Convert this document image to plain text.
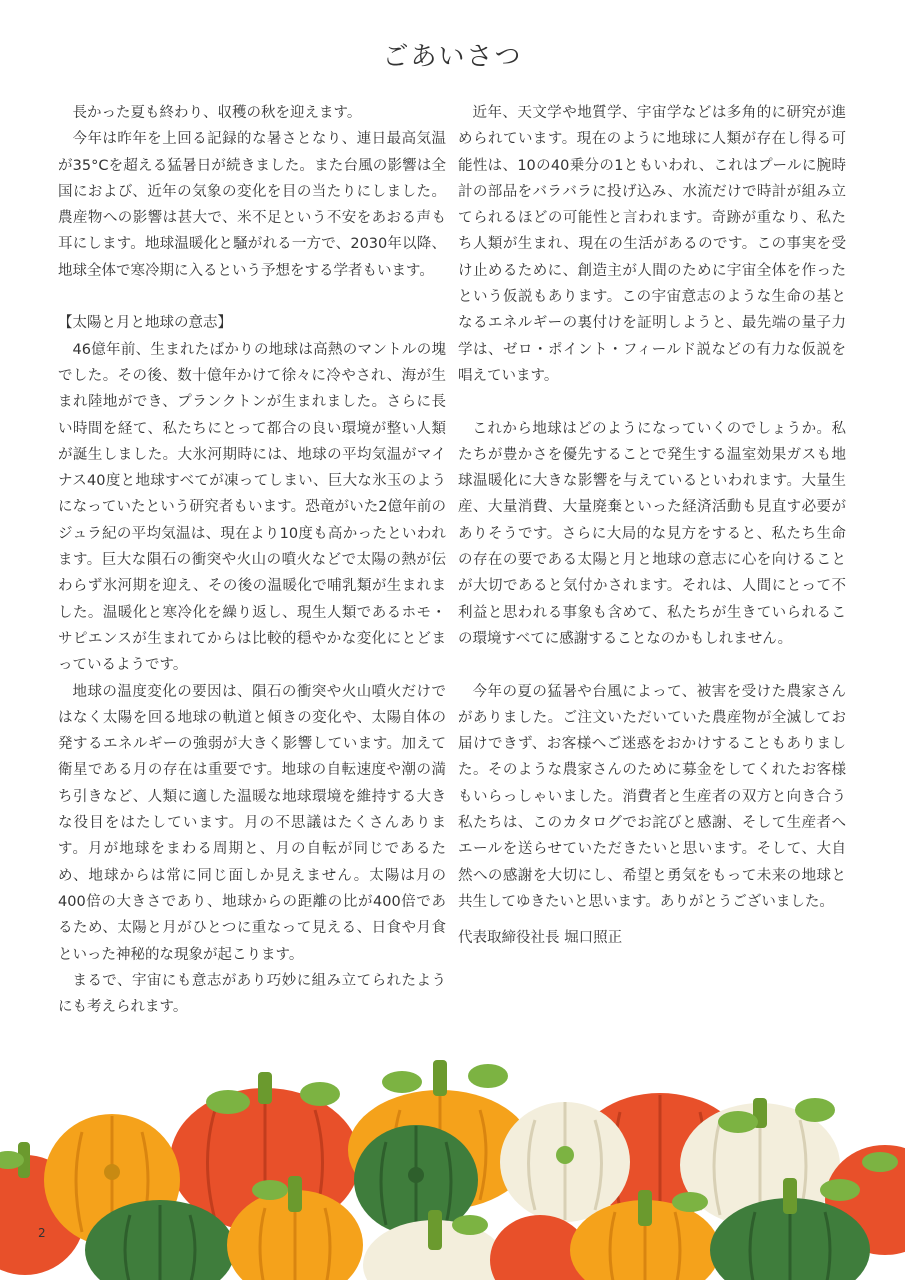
ごあいさつ

長かった夏も終わり、収穫の秋を迎えます。

今年は昨年を上回る記録的な暑さとなり、連日最高気温が35°Cを超える猛暑日が続きました。また台風の影響は全国におよび、近年の気象の変化を目の当たりにしました。農産物への影響は甚大で、米不足という不安をあおる声も耳にします。地球温暖化と騒がれる一方で、2030年以降、地球全体で寒冷期に入るという予想をする学者もいます。

【太陽と月と地球の意志】

46億年前、生まれたばかりの地球は高熱のマントルの塊でした。その後、数十億年かけて徐々に冷やされ、海が生まれ陸地ができ、プランクトンが生まれました。さらに長い時間を経て、私たちにとって都合の良い環境が整い人類が誕生しました。大氷河期時には、地球の平均気温がマイナス40度と地球すべてが凍ってしまい、巨大な氷玉のようになっていたという研究者もいます。恐竜がいた2億年前のジュラ紀の平均気温は、現在より10度も高かったといわれます。巨大な隕石の衝突や火山の噴火などで太陽の熱が伝わらず氷河期を迎え、その後の温暖化で哺乳類が生まれました。温暖化と寒冷化を繰り返し、現生人類であるホモ・サピエンスが生まれてからは比較的穏やかな変化にとどまっているようです。

地球の温度変化の要因は、隕石の衝突や火山噴火だけではなく太陽を回る地球の軌道と傾きの変化や、太陽自体の発するエネルギーの強弱が大きく影響しています。加えて衛星である月の存在は重要です。地球の自転速度や潮の満ち引きなど、人類に適した温暖な地球環境を維持する大きな役目をはたしています。月の不思議はたくさんあります。月が地球をまわる周期と、月の自転が同じであるため、地球からは常に同じ面しか見えません。太陽は月の400倍の大きさであり、地球からの距離の比が400倍であるため、太陽と月がひとつに重なって見える、日食や月食といった神秘的な現象が起こります。

まるで、宇宙にも意志があり巧妙に組み立てられたようにも考えられます。

近年、天文学や地質学、宇宙学などは多角的に研究が進められています。現在のように地球に人類が存在し得る可能性は、10の40乗分の1ともいわれ、これはプールに腕時計の部品をバラバラに投げ込み、水流だけで時計が組み立てられるほどの可能性と言われます。奇跡が重なり、私たち人類が生まれ、現在の生活があるのです。この事実を受け止めるために、創造主が人間のために宇宙全体を作ったという仮説もあります。この宇宙意志のような生命の基となるエネルギーの裏付けを証明しようと、最先端の量子力学は、ゼロ・ポイント・フィールド説などの有力な仮説を唱えています。

これから地球はどのようになっていくのでしょうか。私たちが豊かさを優先することで発生する温室効果ガスも地球温暖化に大きな影響を与えているといわれます。大量生産、大量消費、大量廃棄といった経済活動も見直す必要がありそうです。さらに大局的な見方をすると、私たち生命の存在の要である太陽と月と地球の意志に心を向けることが大切であると気付かされます。それは、人間にとって不利益と思われる事象も含めて、私たちが生きていられるこの環境すべてに感謝することなのかもしれません。

今年の夏の猛暑や台風によって、被害を受けた農家さんがありました。ご注文いただいていた農産物が全滅してお届けできず、お客様へご迷惑をおかけすることもありました。そのような農家さんのために募金をしてくれたお客様もいらっしゃいました。消費者と生産者の双方と向き合う私たちは、このカタログでお詫びと感謝、そして生産者へエールを送らせていただきたいと思います。そして、大自然への感謝を大切にし、希望と勇気をもって未来の地球と共生してゆきたいと思います。ありがとうございました。

代表取締役社長 堀口照正

2
